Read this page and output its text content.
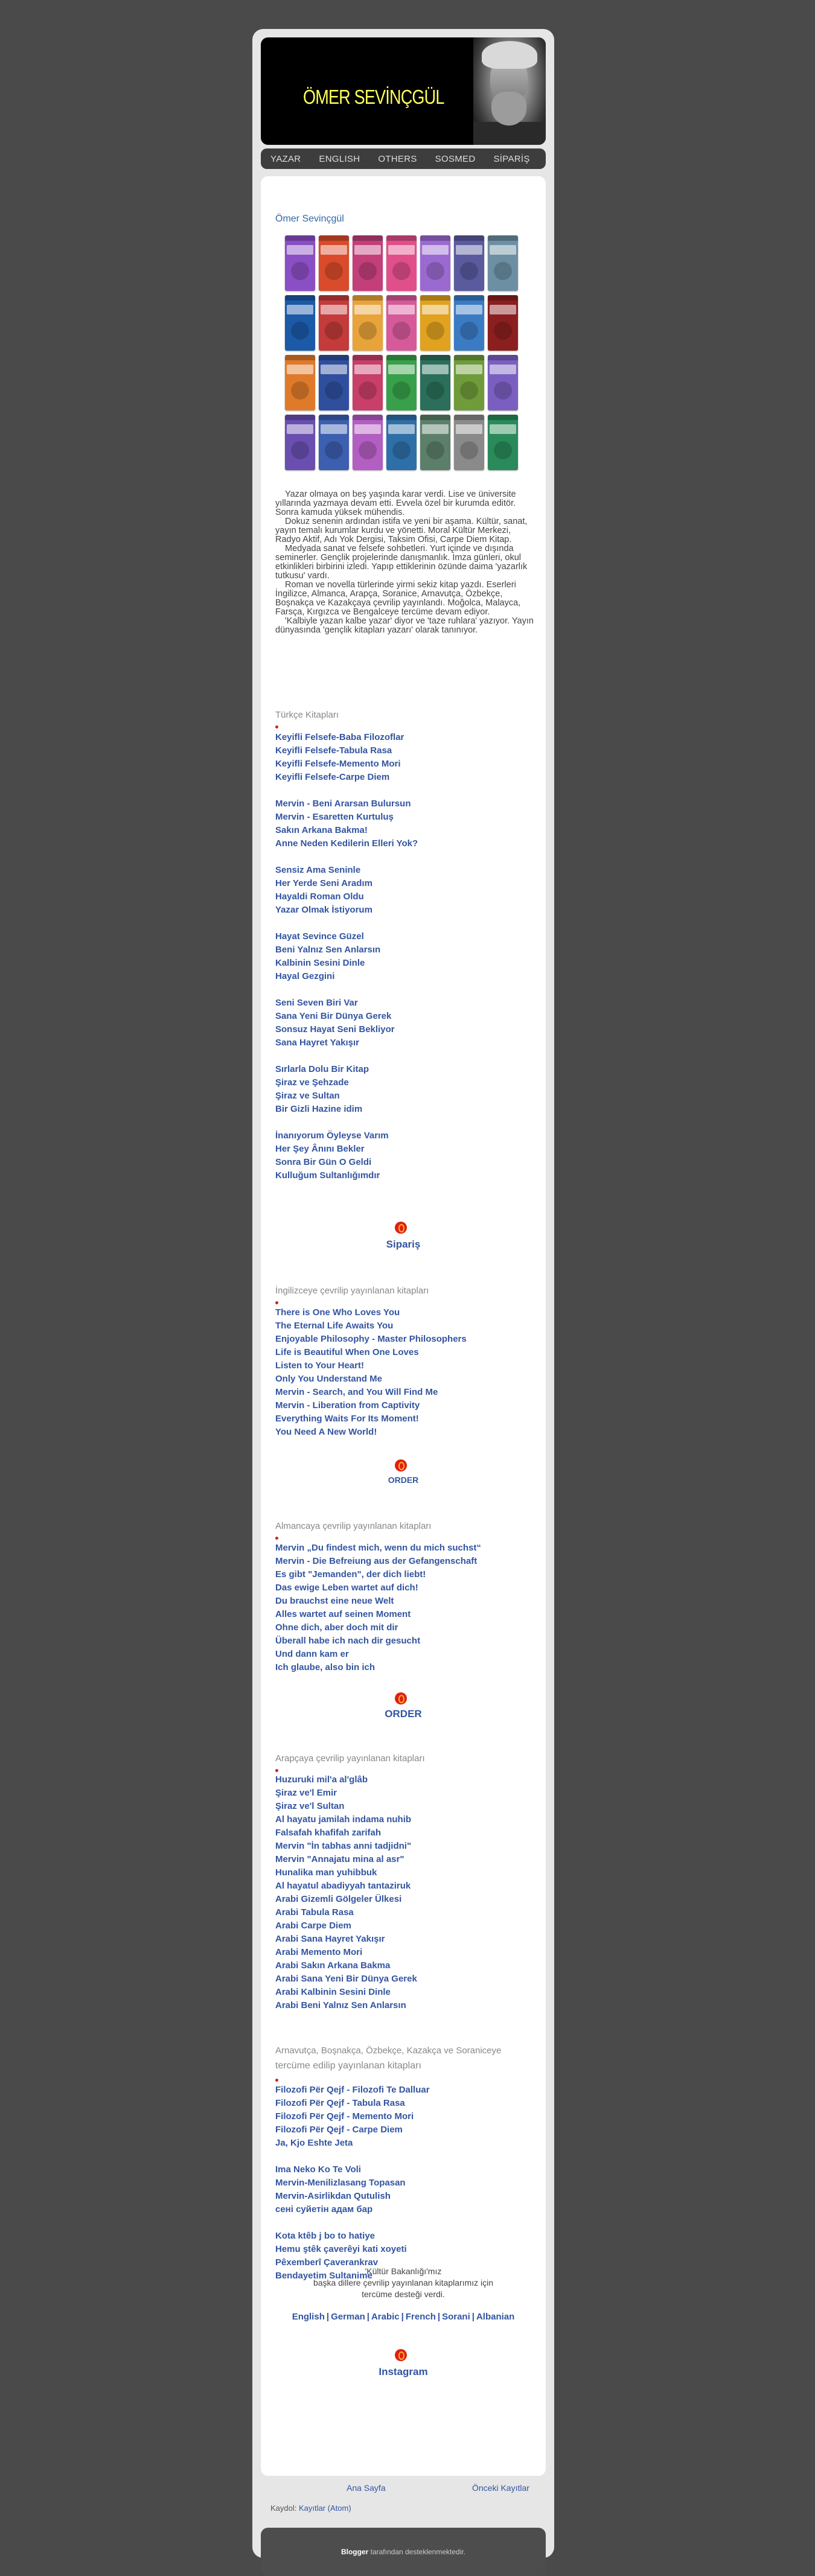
ÖMER SEVİNÇGÜL
YAZAR ENGLISH OTHERS SOSMED SİPARİŞ
Ömer Sevinçgül

Yazar olmaya on beş yaşında karar verdi. Lise ve üniversite yıllarında yazmaya devam etti. Evvela özel bir kurumda editör. Sonra kamuda yüksek mühendis.

Dokuz senenin ardından istifa ve yeni bir aşama. Kültür, sanat, yayın temalı kurumlar kurdu ve yönetti. Moral Kültür Merkezi, Radyo Aktif, Adı Yok Dergisi, Taksim Ofisi, Carpe Diem Kitap.

Medyada sanat ve felsefe sohbetleri. Yurt içinde ve dışında seminerler. Gençlik projelerinde danışmanlık. İmza günleri, okul etkinlikleri birbirini izledi. Yapıp ettiklerinin özünde daima 'yazarlık tutkusu' vardı.

Roman ve novella türlerinde yirmi sekiz kitap yazdı. Eserleri İngilizce, Almanca, Arapça, Soranice, Arnavutça, Özbekçe, Boşnakça ve Kazakçaya çevrilip yayınlandı. Moğolca, Malayca, Farsça, Kırgızca ve Bengalceye tercüme devam ediyor.

'Kalbiyle yazan kalbe yazar' diyor ve 'taze ruhlara' yazıyor. Yayın dünyasında 'gençlik kitapları yazarı' olarak tanınıyor.

Türkçe Kitapları
Keyifli Felsefe-Baba Filozoflar
Keyifli Felsefe-Tabula Rasa
Keyifli Felsefe-Memento Mori
Keyifli Felsefe-Carpe Diem
Mervin - Beni Ararsan Bulursun
Mervin - Esaretten Kurtuluş
Sakın Arkana Bakma!
Anne Neden Kedilerin Elleri Yok?
Sensiz Ama Seninle
Her Yerde Seni Aradım
Hayaldi Roman Oldu
Yazar Olmak İstiyorum
Hayat Sevince Güzel
Beni Yalnız Sen Anlarsın
Kalbinin Sesini Dinle
Hayal Gezgini
Seni Seven Biri Var
Sana Yeni Bir Dünya Gerek
Sonsuz Hayat Seni Bekliyor
Sana Hayret Yakışır
Sırlarla Dolu Bir Kitap
Şiraz ve Şehzade
Şiraz ve Sultan
Bir Gizli Hazine idim
İnanıyorum Öyleyse Varım
Her Şey Ânını Bekler
Sonra Bir Gün O Geldi
Kulluğum Sultanlığımdır
Sipariş
İngilizceye çevrilip yayınlanan kitapları
There is One Who Loves You
The Eternal Life Awaits You
Enjoyable Philosophy - Master Philosophers
Life is Beautiful When One Loves
Listen to Your Heart!
Only You Understand Me
Mervin - Search, and You Will Find Me
Mervin - Liberation from Captivity
Everything Waits For Its Moment!
You Need A New World!
ORDER
Almancaya çevrilip yayınlanan kitapları
Mervin „Du findest mich, wenn du mich suchst“
Mervin - Die Befreiung aus der Gefangenschaft
Es gibt "Jemanden", der dich liebt!
Das ewige Leben wartet auf dich!
Du brauchst eine neue Welt
Alles wartet auf seinen Moment
Ohne dich, aber doch mit dir
Überall habe ich nach dir gesucht
Und dann kam er
Ich glaube, also bin ich
ORDER
Arapçaya çevrilip yayınlanan kitapları
Huzuruki mil'a al'glâb
Şiraz ve'l Emir
Şiraz ve'l Sultan
Al hayatu jamilah indama nuhib
Falsafah khafifah zarifah
Mervin "İn tabhas anni tadjidni"
Mervin "Annajatu mina al asr"
Hunalika man yuhibbuk
Al hayatul abadiyyah tantaziruk
Arabi Gizemli Gölgeler Ülkesi
Arabi Tabula Rasa
Arabi Carpe Diem
Arabi Sana Hayret Yakışır
Arabi Memento Mori
Arabi Sakın Arkana Bakma
Arabi Sana Yeni Bir Dünya Gerek
Arabi Kalbinin Sesini Dinle
Arabi Beni Yalnız Sen Anlarsın
Arnavutça, Boşnakça, Özbekçe, Kazakça ve Soraniceye
tercüme edilip yayınlanan kitapları
Filozofi Për Qejf - Filozofi Te Dalluar
Filozofi Për Qejf - Tabula Rasa
Filozofi Për Qejf - Memento Mori
Filozofi Për Qejf - Carpe Diem
Ja, Kjo Eshte Jeta
Ima Neko Ko Te Voli
Mervin-Menilizlasang Topasan
Mervin-Asirlikdan Qutulish
сені суйетін адам бар
Kota ktêb j bo to hatiye
Hemu ştêk çaverêyi kati xoyeti
Pêxemberî Çaverankrav
Bendayetim Sultanime
'Kültür Bakanlığı'mız
başka dillere çevrilip yayınlanan kitaplarımız için
tercüme desteği verdi.
English | German | Arabic | French | Sorani | Albanian
Instagram
Ana Sayfa	Önceki Kayıtlar
Kaydol: Kayıtlar (Atom)
Blogger tarafından desteklenmektedir.
